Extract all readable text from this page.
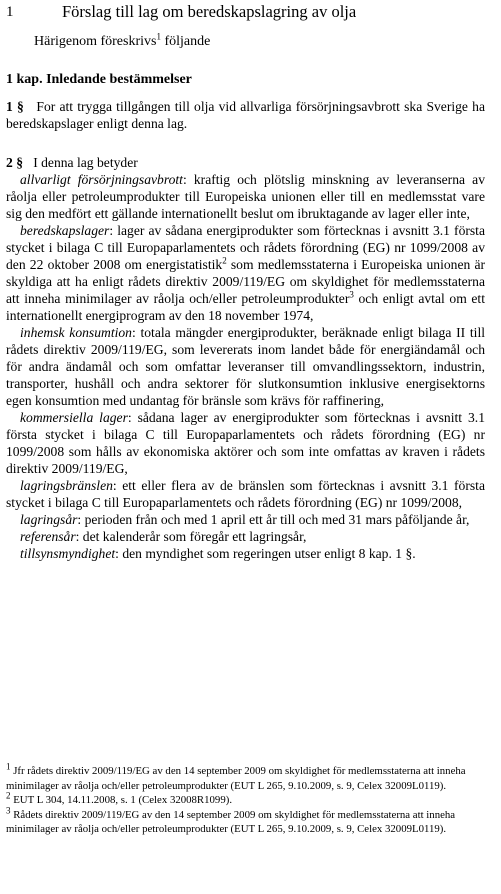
1	Förslag till lag om beredskapslagring av olja
Härigenom föreskrivs$^1$ följande
1 kap. Inledande bestämmelser

1 § For att trygga tillgången till olja vid allvarliga försörjningsavbrott ska Sverige ha beredskapslager enligt denna lag.

2 § I denna lag betyder

allvarligt försörjningsavbrott: kraftig och plötslig minskning av leveranserna av råolja eller petroleumprodukter till Europeiska unionen eller till en medlemsstat vare sig den medfört ett gällande internationellt beslut om ibruktagande av lager eller inte,

beredskapslager: lager av sådana energiprodukter som förtecknas i avsnitt 3.1 första stycket i bilaga C till Europaparlamentets och rådets förordning (EG) nr 1099/2008 av den 22 oktober 2008 om energistatistik$^2$ som medlemsstaterna i Europeiska unionen är skyldiga att ha enligt rådets direktiv 2009/119/EG om skyldighet för medlemsstaterna att inneha minimilager av råolja och/eller petroleumprodukter$^3$ och enligt avtal om ett internationellt energiprogram av den 18 november 1974,

inhemsk konsumtion: totala mängder energiprodukter, beräknade enligt bilaga II till rådets direktiv 2009/119/EG, som levererats inom landet både för energiändamål och för andra ändamål och som omfattar leveranser till omvandlingssektorn, industrin, transporter, hushåll och andra sektorer för slutkonsumtion inklusive energisektorns egen konsumtion med undantag för bränsle som krävs för raffinering,

kommersiella lager: sådana lager av energiprodukter som förtecknas i avsnitt 3.1 första stycket i bilaga C till Europaparlamentets och rådets förordning (EG) nr 1099/2008 som hålls av ekonomiska aktörer och som inte omfattas av kraven i rådets direktiv 2009/119/EG,

lagringsbränslen: ett eller flera av de bränslen som förtecknas i avsnitt 3.1 första stycket i bilaga C till Europaparlamentets och rådets förordning (EG) nr 1099/2008,

lagringsår: perioden från och med 1 april ett år till och med 31 mars påföljande år,

referensår: det kalenderår som föregår ett lagringsår,

tillsynsmyndighet: den myndighet som regeringen utser enligt 8 kap. 1 §.

$^1$ Jfr rådets direktiv 2009/119/EG av den 14 september 2009 om skyldighet för medlemsstaterna att inneha minimilager av råolja och/eller petroleumprodukter (EUT L 265, 9.10.2009, s. 9, Celex 32009L0119).

$^2$ EUT L 304, 14.11.2008, s. 1 (Celex 32008R1099).

$^3$ Rådets direktiv 2009/119/EG av den 14 september 2009 om skyldighet för medlemsstaterna att inneha minimilager av råolja och/eller petroleumprodukter (EUT L 265, 9.10.2009, s. 9, Celex 32009L0119).
